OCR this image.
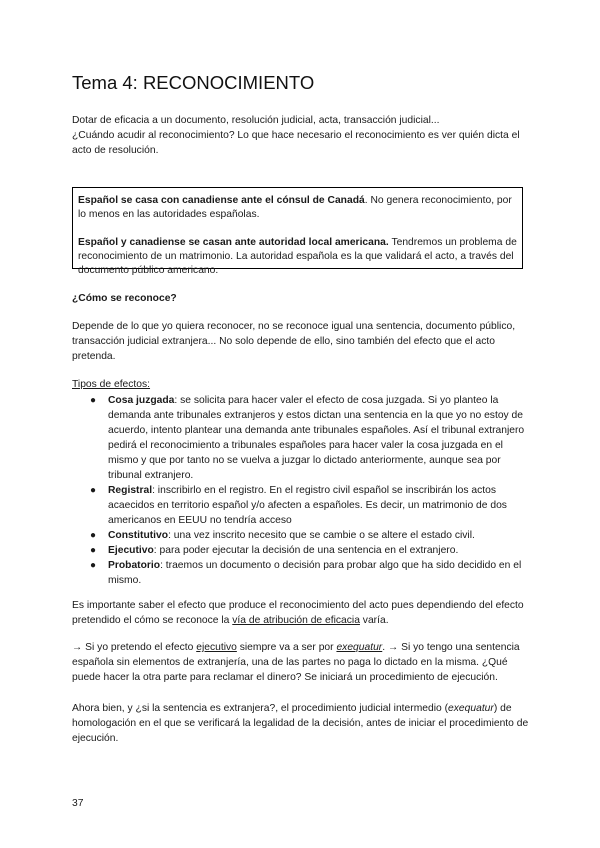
Tema 4: RECONOCIMIENTO

Dotar de eficacia a un documento, resolución judicial, acta, transacción judicial...
¿Cuándo acudir al reconocimiento? Lo que hace necesario el reconocimiento es ver quién dicta el acto de resolución.

Español se casa con canadiense ante el cónsul de Canadá. No genera reconocimiento, por lo menos en las autoridades españolas.

Español y canadiense se casan ante autoridad local americana. Tendremos un problema de reconocimiento de un matrimonio. La autoridad española es la que validará el acto, a través del documento público americano.

¿Cómo se reconoce?

Depende de lo que yo quiera reconocer, no se reconoce igual una sentencia, documento público, transacción judicial extranjera... No solo depende de ello, sino también del efecto que el acto pretenda.

Tipos de efectos:

● Cosa juzgada: se solicita para hacer valer el efecto de cosa juzgada. Si yo planteo la demanda ante tribunales extranjeros y estos dictan una sentencia en la que yo no estoy de acuerdo, intento plantear una demanda ante tribunales españoles. Así el tribunal extranjero pedirá el reconocimiento a tribunales españoles para hacer valer la cosa juzgada en el mismo y que por tanto no se vuelva a juzgar lo dictado anteriormente, aunque sea por tribunal extranjero.
● Registral: inscribirlo en el registro. En el registro civil español se inscribirán los actos acaecidos en territorio español y/o afecten a españoles. Es decir, un matrimonio de dos americanos en EEUU no tendría acceso
● Constitutivo: una vez inscrito necesito que se cambie o se altere el estado civil.
● Ejecutivo: para poder ejecutar la decisión de una sentencia en el extranjero.
● Probatorio: traemos un documento o decisión para probar algo que ha sido decidido en el mismo.

Es importante saber el efecto que produce el reconocimiento del acto pues dependiendo del efecto pretendido el cómo se reconoce la vía de atribución de eficacia varía.

→ Si yo pretendo el efecto ejecutivo siempre va a ser por exequatur. → Si yo tengo una sentencia española sin elementos de extranjería, una de las partes no paga lo dictado en la misma. ¿Qué puede hacer la otra parte para reclamar el dinero? Se iniciará un procedimiento de ejecución.

Ahora bien, y ¿si la sentencia es extranjera?, el procedimiento judicial intermedio (exequatur) de homologación en el que se verificará la legalidad de la decisión, antes de iniciar el procedimiento de ejecución.

37
